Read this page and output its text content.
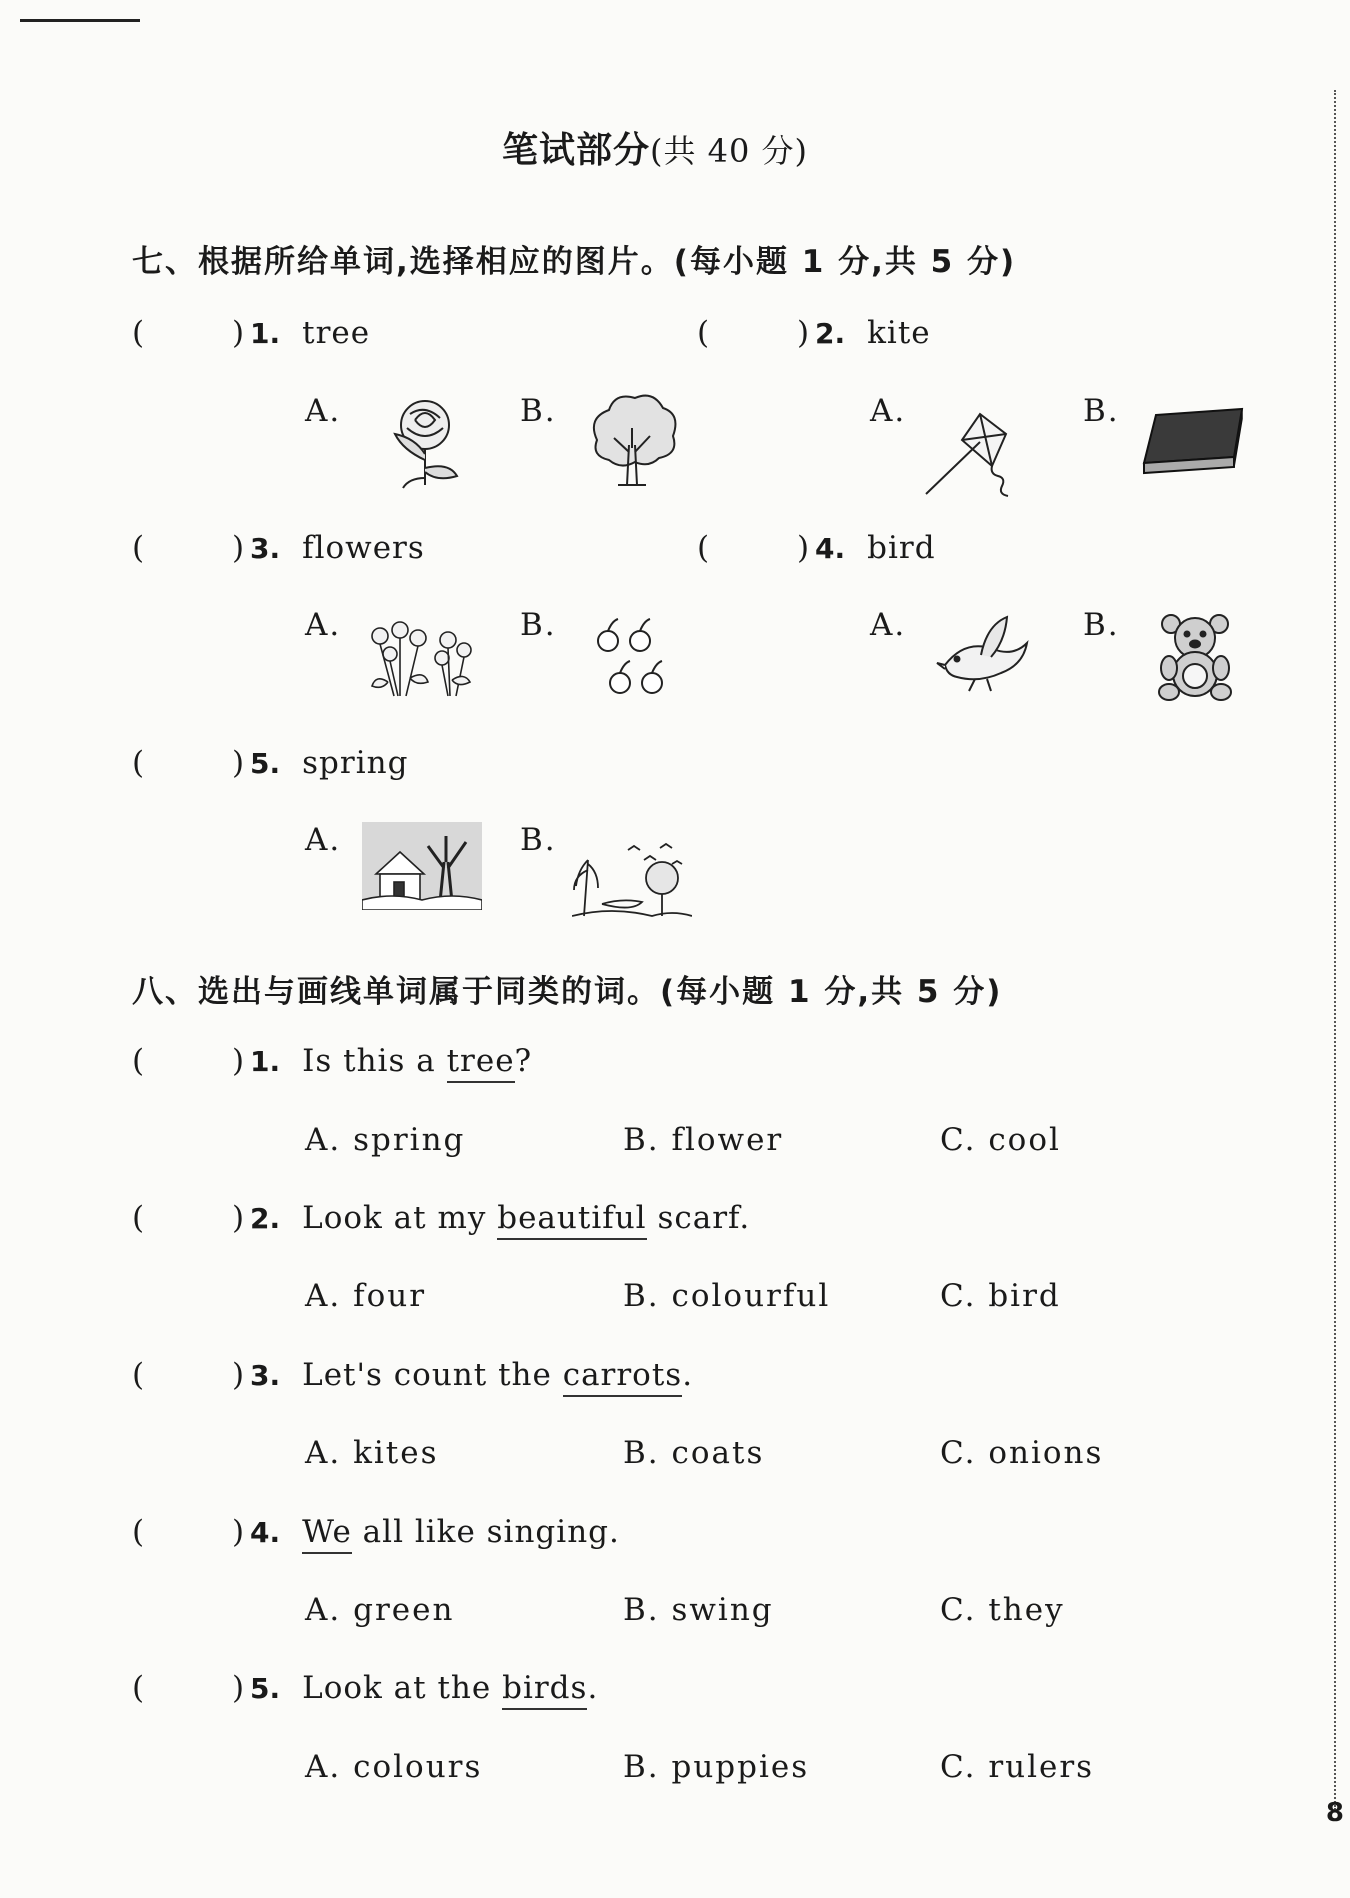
笔试部分(共 40 分)
七、根据所给单词,选择相应的图片。(每小题 1 分,共 5 分)
(	) 1. tree
A.	B.
(	) 2. kite
A.	B.
(	) 3. flowers
A.	B.
(	) 4. bird
A.	B.
(	) 5. spring
A.	B.
八、选出与画线单词属于同类的词。(每小题 1 分,共 5 分)
(	) 1. Is this a tree?
A. spring	B. flower	C. cool
(	) 2. Look at my beautiful scarf.
A. four	B. colourful	C. bird
(	) 3. Let's count the carrots.
A. kites	B. coats	C. onions
(	) 4. We all like singing.
A. green	B. swing	C. they
(	) 5. Look at the birds.
A. colours	B. puppies	C. rulers
8
